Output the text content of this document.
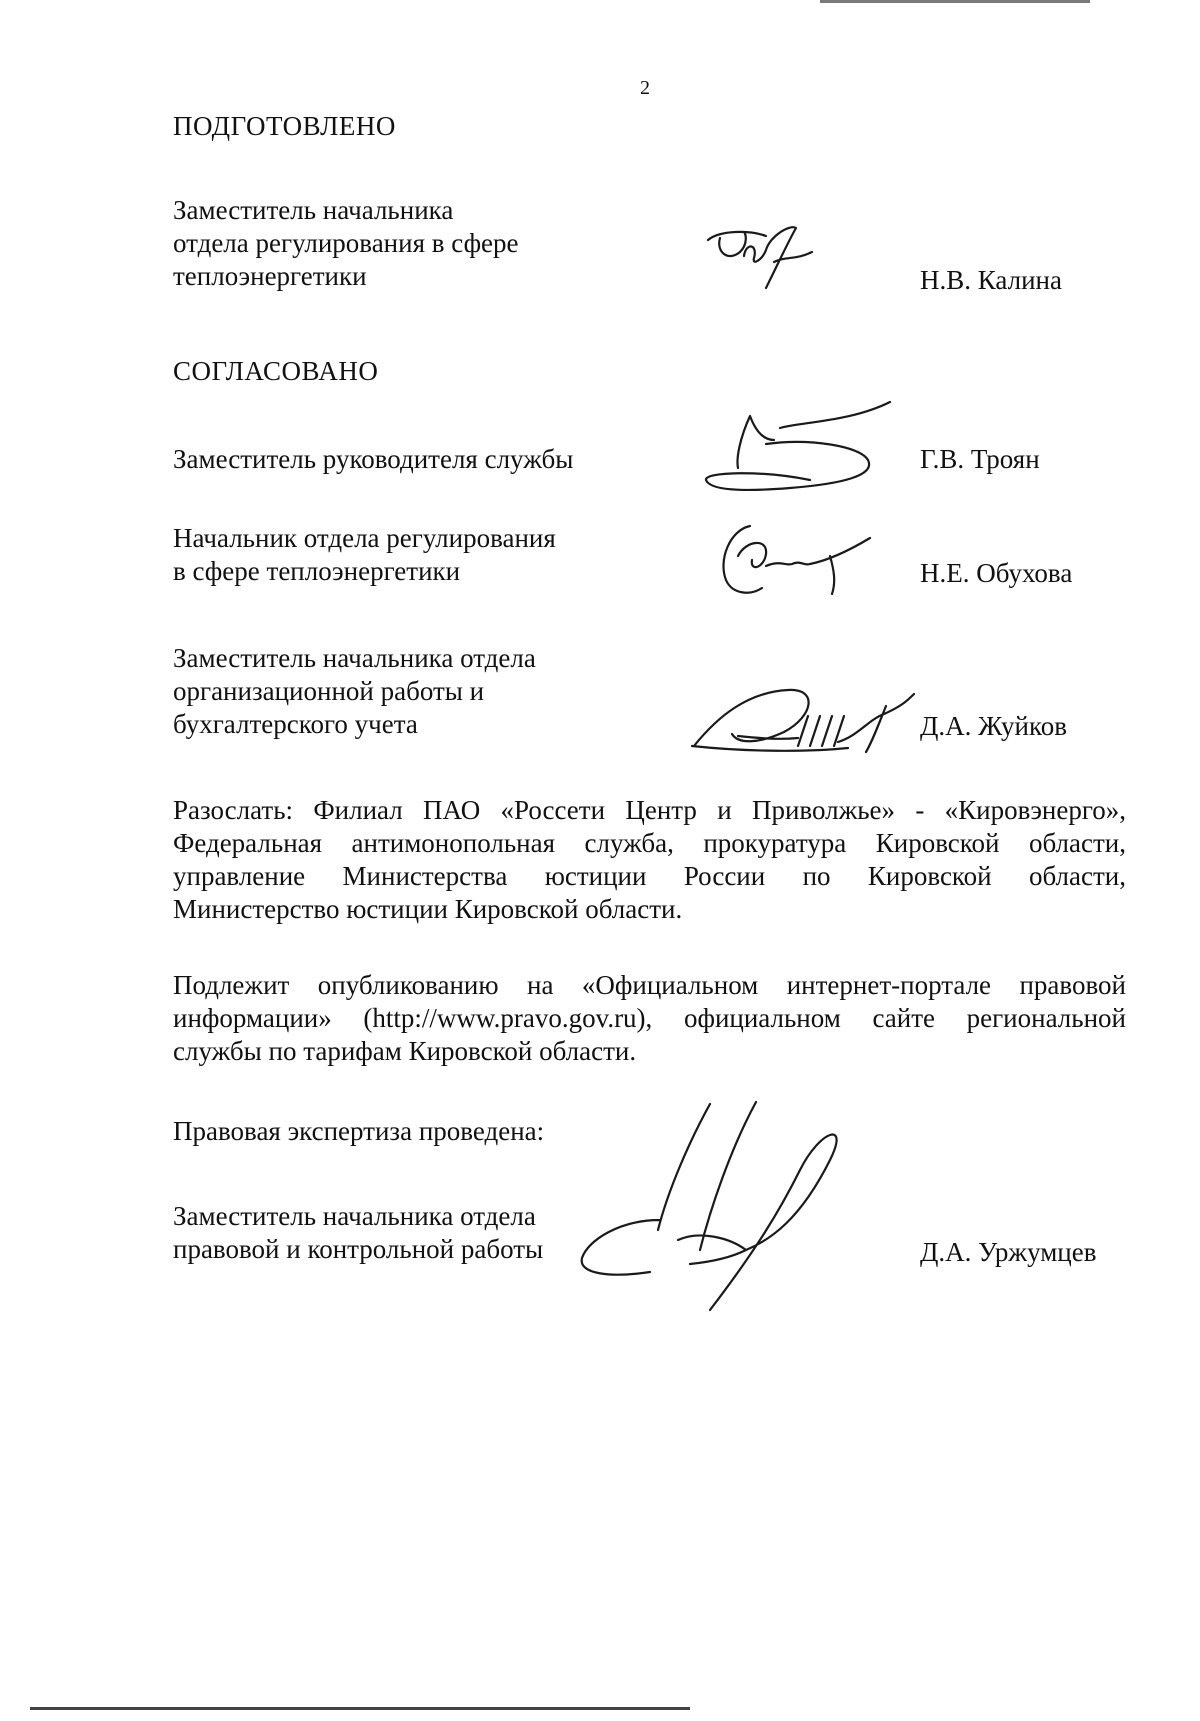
2
ПОДГОТОВЛЕНО
Заместитель начальника
отдела регулирования в сфере
теплоэнергетики	Н.В. Калина
СОГЛАСОВАНО
Заместитель руководителя службы	Г.В. Троян
Начальник отдела регулирования
в сфере теплоэнергетики	Н.Е. Обухова
Заместитель начальника отдела
организационной работы и
бухгалтерского учета	Д.А. Жуйков
Разослать: Филиал ПАО «Россети Центр и Приволжье» - «Кировэнерго»,
Федеральная антимонопольная служба, прокуратура Кировской области,
управление Министерства юстиции России по Кировской области,
Министерство юстиции Кировской области.
Подлежит опубликованию на «Официальном интернет-портале правовой
информации» (http://www.pravo.gov.ru), официальном сайте региональной
службы по тарифам Кировской области.
Правовая экспертиза проведена:
Заместитель начальника отдела
правовой и контрольной работы	Д.А. Уржумцев
